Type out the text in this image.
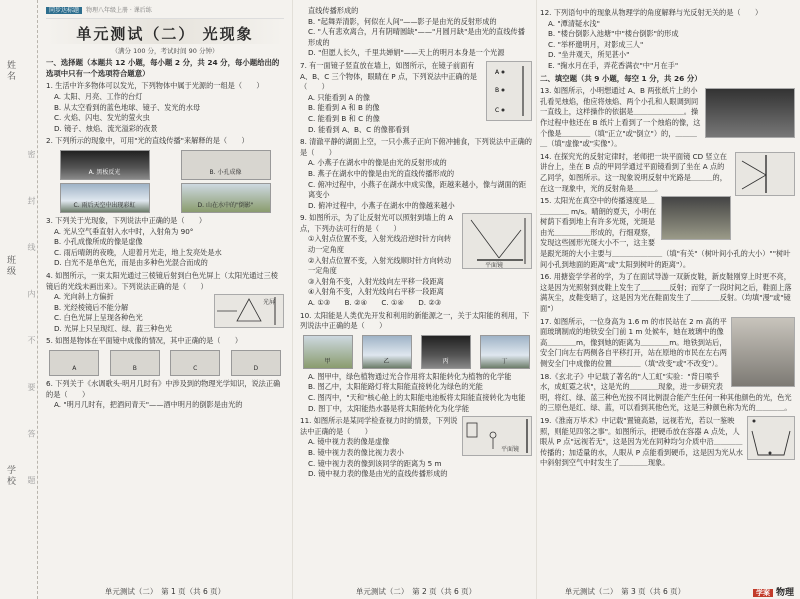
姓名
班级
学校 密 封 线 内 不 要 答 题
同步达标题 物理八年级上册 · 课后练
单元测试（二） 光现象
（满分 100 分，考试时间 90 分钟）
一、选择题（本题共 12 小题，每小题 2 分，共 24 分，每小题给出的选项中只有一个选项符合题意）
1. 生活中许多物体可以发光，下列物体中属于光源的一组是（　　）
A. 太阳、月亮、工作的台灯
B. 从太空看到的蓝色地球、镜子、发光的水母
C. 火焰、闪电、发光的萤火虫
D. 镜子、烛焰、流光溢彩的夜景
2. 下列所示的现象中，可用"光的直线传播"来解释的是（　　）
A. 黑板反光	B. 小孔成像
C. 雨后天空中出现彩虹	D. 山在水中的"倒影"
3. 下列关于光现象，下列说法中正确的是（　　）
A. 光从空气垂直射入水中时，入射角为 90°
B. 小孔成像所成的像是虚像
C. 雨后晴朗的夜晚，人迎着月光走，地上发亮处是水
D. 白光不是单色光，而是由多种色光混合而成的
4. 如图所示，一束太阳光通过三棱镜后射到白色光屏上（太阳光通过三棱镜后的光线未画出来）。下列说法正确的是（　　）
光屏
A. 光向斜上方偏折
B. 光经棱镜后不能分解
C. 白色光屏上呈现各种色光
D. 光屏上只呈现红、绿、蓝三种色光
5. 如图是物体在平面镜中成像的情况，其中正确的是（　　）
A	B	C	D
6. 下列关于《水调歌头·明月几时有》中涉及到的物理光学知识，说法正确的是（　　）
A. "明月几时有，把酒问青天"——酒中明月的倒影是由光的
直线传播形成的
B. "起舞弄清影，何似在人间"——影子是由光的反射形成的
C. "人有悲欢离合，月有阴晴圆缺"——"月圆月缺"是由光的直线传播形成的
D. "但愿人长久，千里共婵娟"——天上的明月本身是一个光源
A
B
C
7. 有一面镜子竖直放在墙上，如图所示，在镜子前面有 A、B、C 三个物体，眼睛在 P 点，下列说法中正确的是（　　）
A. 只能看到 A 的像
B. 能看到 A 和 B 的像
C. 能看到 B 和 C 的像
D. 能看到 A、B、C 的像都看到
8. 清澈平静的湖面上空，一只小燕子正向下俯冲捕食，下列说法中正确的是（　　）
A. 小燕子在湖水中的像是由光的反射形成的
B. 燕子在湖水中的像是由光的直线传播形成的
C. 俯冲过程中，小燕子在湖水中成实像，距越来越小，像与湖面的距离变小
D. 俯冲过程中，小燕子在湖水中的像越来越小
平面镜
9. 如图所示，为了让反射光可以照射到墙上的 A 点，下列办法可行的是（　　）
①入射点位置不变，入射光线沿逆时针方向转动一定角度
②入射点位置不变，入射光线顺时针方向转动一定角度
③入射角不变，入射光线向左平移一段距离
④入射角不变，入射光线向右平移一段距离
A. ①③　　B. ②④　　C. ①④　　D. ②③
10. 太阳能是人类优先开发和利用的新能源之一，关于太阳能的利用，下列说法中正确的是（　　）
甲	乙	丙	丁
A. 图甲中，绿色植物通过光合作用将太阳能转化为植物的化学能
B. 图乙中，太阳能路灯将太阳能直接转化为绿色的光能
C. 图丙中，"天和"核心舱上的太阳能电池板将太阳能直接转化为电能
D. 图丁中，太阳能热水器是将太阳能转化为化学能
平面镜
11. 如图所示是某同学检查视力时的情景，下列说法中正确的是（　　）
A. 镜中视力表的像是虚像
B. 镜中视力表的像比视力表小
C. 镜中视力表的像到该同学的距离为 5 m
D. 镜中视力表的像是由光的直线传播形成的
12. 下列语句中的现象从物理学的角度解释与光反射无关的是（　　）
A. "潭清疑水浅"
B. "楼台倒影入池塘"中"楼台倒影"的形成
C. "举杯邀明月，对影成三人"
D. "坐井观天，所见甚小"
E. "掬水月在手，弄花香满衣"中"月在手"
二、填空题（共 9 小题，每空 1 分，共 26 分）
13. 如图所示，小明想通过 A、B 两张纸片上的小孔看见烛焰，他应将烛焰、两个小孔和人眼调到同一直线上，这样操作的依据是＿＿＿＿＿＿＿。操作过程中他还在 B 纸片上看到了一个烛焰的像，这个像是＿＿＿＿（填"正立"或"倒立"）的，＿＿＿＿（填"虚像"或"实像"）。
14. 在探究光的反射定律时，老师把一块平面镜 CD 竖立在讲台上，坐在 B 点的甲同学通过平面镜看到了坐在 A 点的乙同学，如图所示。这一现象说明反射中光路是＿＿＿的，在这一现象中，光的反射角是＿＿＿。
15. 太阳光在真空中的传播速度是＿＿＿＿＿ m/s。晴朗的夏天，小明在树荫下看到地上有许多光斑，光斑是由光＿＿＿＿＿形成的，行细观察，发现这些圆形光斑大小不一，这主要是跟光斑的大小主要与＿＿＿＿＿＿＿（填"有关"（树叶间小孔的大小）""树叶间小孔到地面的距离"或"太阳到树叶的距离"）。
16. 用搪瓷学学者的学，为了在面试导游一双新皮鞋，新皮鞋刚穿上时更不亮，这是因为光照射到皮鞋上发生了＿＿＿＿反射；而穿了一段时间之后，鞋面上落满灰尘，皮鞋变暗了，这是因为光在鞋面发生了＿＿＿＿反射。（均填"漫"或"镜面"）
17. 如图所示，一位身高为 1.6 m 的市民站在 2 m 高的平面玻璃制成的地铁安全门前 1 m 处候车，她在玻璃中的像高＿＿＿＿m，像到她的距离为＿＿＿＿m。地铁到站后，安全门向左右两侧各自平移打开，站在原地的市民在左右两侧安全门中成像的位置＿＿＿＿（填"改变"或"不改变"）。
18.《玄北子》中记载了著名的"人工虹"实验："背日喷乎水，成虹霓之状"，这是光的＿＿＿＿现象，进一步研究表明，将红、绿、蓝三种色光按不同比例混合能产生任何一种其他颜色的光，色光的三原色是红、绿、蓝，可以看到其他色光，这是三种颜色称为光的＿＿＿＿。
19.《淮南万毕术》中记载"置镜高悬，远视若光，若以一鉴映照，则能见四邻之事"。如图所示，把硬币放在容器 A 点处，人眼从 P 点"远视若无"，这是因为光在同种均匀介质中沿＿＿＿＿传播的；加适量的水，人眼从 P 点能看到硬币，这是因为光从水中斜射到空气中时发生了＿＿＿＿现象。
单元测试（二）　第 1 页（共 6 页）	单元测试（二）　第 2 页（共 6 页）	单元测试（二）　第 3 页（共 6 页）	学案 物理
